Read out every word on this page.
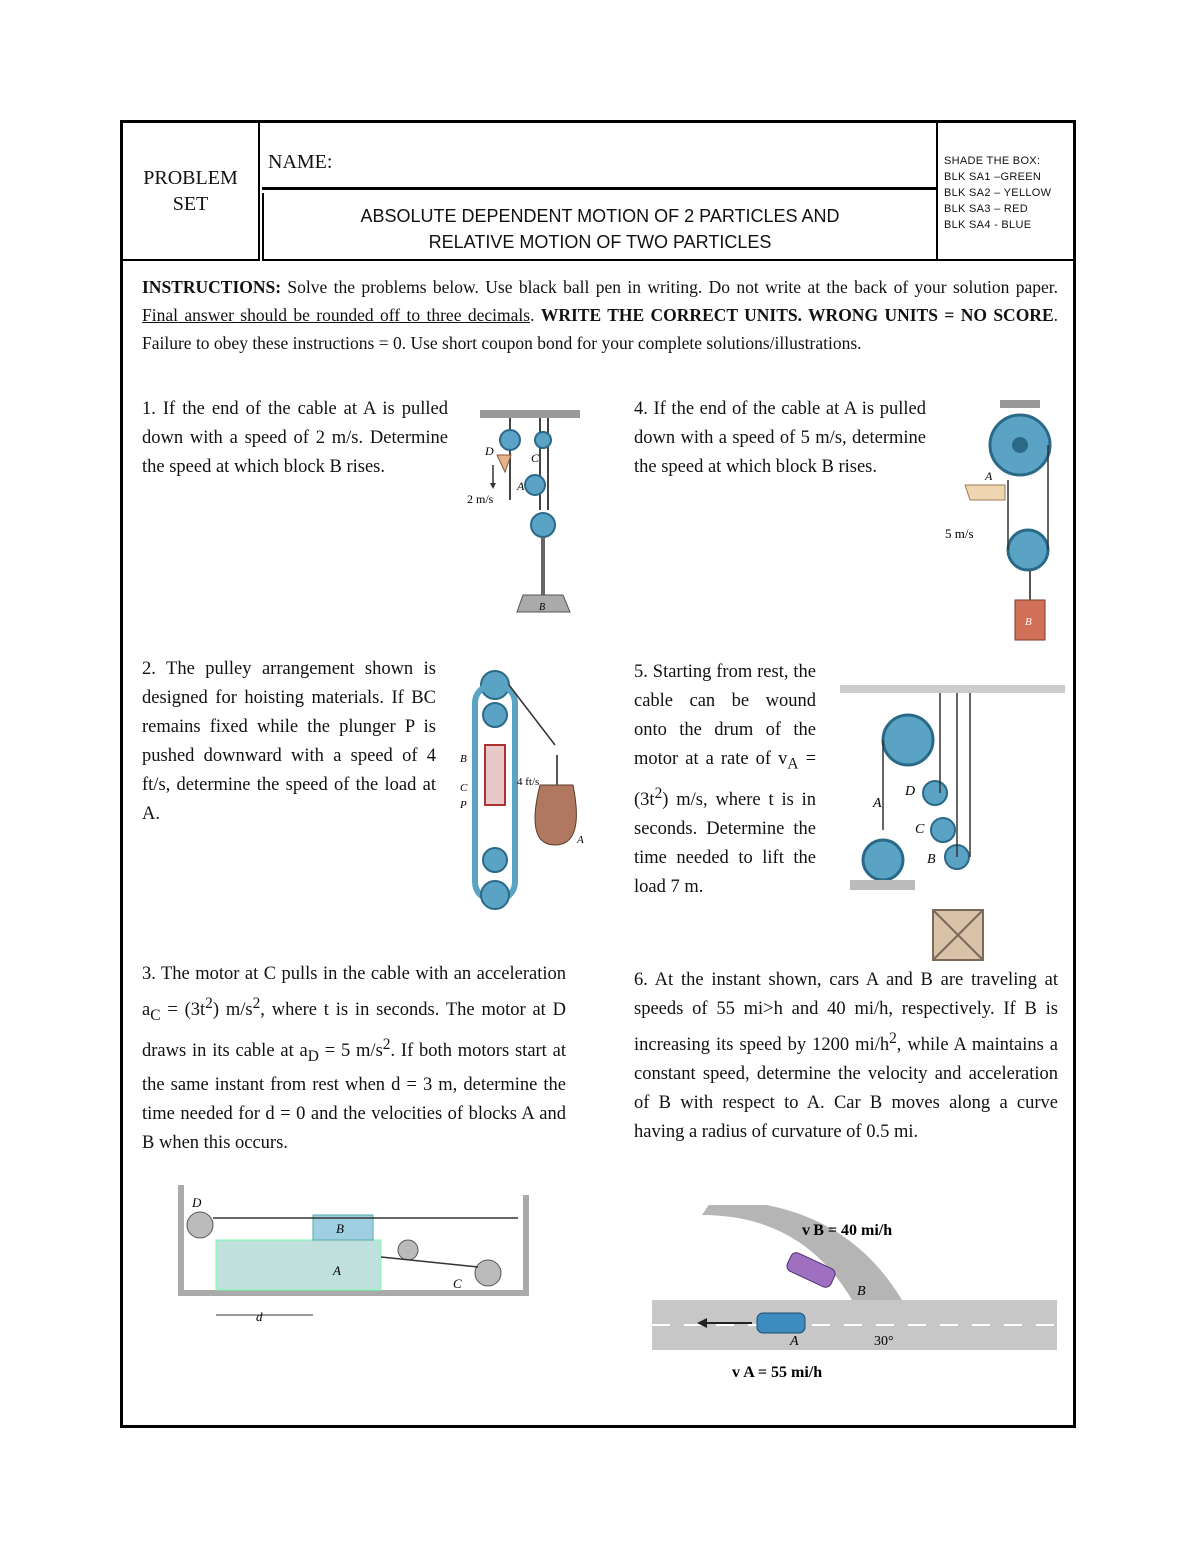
PROBLEM
SET
NAME:
ABSOLUTE DEPENDENT MOTION OF 2 PARTICLES AND
RELATIVE MOTION OF TWO PARTICLES
SHADE THE BOX:
BLK SA1 –GREEN
BLK SA2 – YELLOW
BLK SA3 – RED
BLK SA4 - BLUE
INSTRUCTIONS: Solve the problems below. Use black ball pen in writing. Do not write at the back of your solution paper. Final answer should be rounded off to three decimals. WRITE THE CORRECT UNITS. WRONG UNITS = NO SCORE. Failure to obey these instructions = 0. Use short coupon bond for your complete solutions/illustrations.
1. If the end of the cable at A is pulled down with a speed of 2 m/s. Determine the speed at which block B rises.
D	C
A
2 m/s
B
2. The pulley arrangement shown is designed for hoisting materials. If BC remains fixed while the plunger P is pushed downward with a speed of 4 ft/s, determine the speed of the load at A.
B
C
P
4 ft/s
A
3. The motor at C pulls in the cable with an acceleration $a_C = (3t^2)$ $m/s^2$, where t is in seconds. The motor at D draws in its cable at $a_D = 5$ $m/s^2$. If both motors start at the same instant from rest when d = 3 m, determine the time needed for d = 0 and the velocities of blocks A and B when this occurs.
D
B
A
C
d
4. If the end of the cable at A is pulled down with a speed of 5 m/s, determine the speed at which block B rises.	A
5 m/s
B
5. Starting from rest, the cable can be wound onto the drum of the motor at a rate of $v_A = (3t^2)$ m/s, where t is in seconds. Determine the time needed to lift the load 7 m.
A
D
C
B
6. At the instant shown, cars A and B are traveling at speeds of 55 mi>h and 40 mi/h, respectively. If B is increasing its speed by 1200 $mi/h^2$, while A maintains a constant speed, determine the velocity and acceleration of B with respect to A. Car B moves along a curve having a radius of curvature of 0.5 mi.
v B = 40 mi/h
v A = 55 mi/h
A
B
30°
